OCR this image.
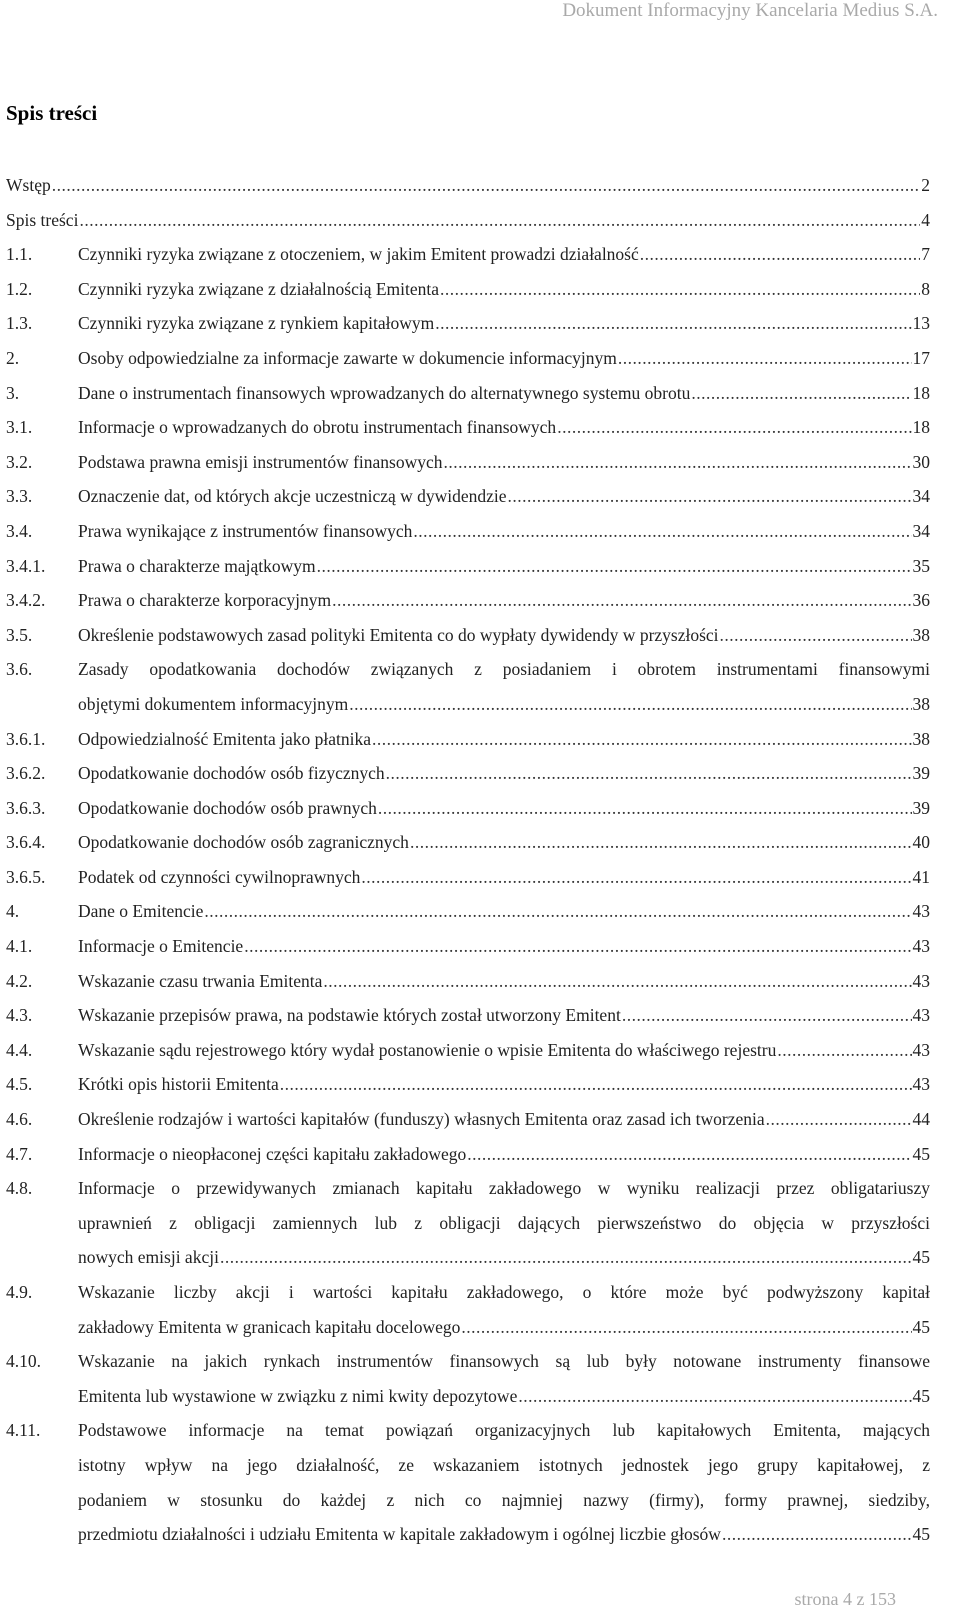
Dokument Informacyjny Kancelaria Medius S.A.
Spis treści
Wstęp .....	2
Spis treści .....	4
1.1.	Czynniki ryzyka związane z otoczeniem, w jakim Emitent prowadzi działalność .....	7
1.2.	Czynniki ryzyka związane z działalnością Emitenta .....	8
1.3.	Czynniki ryzyka związane z rynkiem kapitałowym .....	13
2.	Osoby odpowiedzialne za informacje zawarte w dokumencie informacyjnym .....	17
3.	Dane o instrumentach finansowych wprowadzanych do alternatywnego systemu obrotu .....	18
3.1.	Informacje o wprowadzanych do obrotu instrumentach finansowych .....	18
3.2.	Podstawa prawna emisji instrumentów finansowych .....	30
3.3.	Oznaczenie dat, od których akcje uczestniczą w dywidendzie .....	34
3.4.	Prawa wynikające z instrumentów finansowych .....	34
3.4.1.	Prawa o charakterze majątkowym .....	35
3.4.2.	Prawa o charakterze korporacyjnym .....	36
3.5.	Określenie podstawowych zasad polityki Emitenta co do wypłaty dywidendy w przyszłości .....	38
3.6.	Zasady opodatkowania dochodów związanych z posiadaniem i obrotem instrumentami finansowymi
objętymi dokumentem informacyjnym .....	38
3.6.1.	Odpowiedzialność Emitenta jako płatnika .....	38
3.6.2.	Opodatkowanie dochodów osób fizycznych .....	39
3.6.3.	Opodatkowanie dochodów osób prawnych .....	39
3.6.4.	Opodatkowanie dochodów osób zagranicznych .....	40
3.6.5.	Podatek od czynności cywilnoprawnych .....	41
4.	Dane o Emitencie .....	43
4.1.	Informacje o Emitencie .....	43
4.2.	Wskazanie czasu trwania Emitenta .....	43
4.3.	Wskazanie przepisów prawa, na podstawie których został utworzony Emitent .....	43
4.4.	Wskazanie sądu rejestrowego który wydał postanowienie o wpisie Emitenta do właściwego rejestru .....	43
4.5.	Krótki opis historii Emitenta .....	43
4.6.	Określenie rodzajów i wartości kapitałów (funduszy) własnych Emitenta oraz zasad ich tworzenia .....	44
4.7.	Informacje o nieopłaconej części kapitału zakładowego .....	45
4.8.	Informacje o przewidywanych zmianach kapitału zakładowego w wyniku realizacji przez obligatariuszy
uprawnień z obligacji zamiennych lub z obligacji dających pierwszeństwo do objęcia w przyszłości
nowych emisji akcji .....	45
4.9.	Wskazanie liczby akcji i wartości kapitału zakładowego, o które może być podwyższony kapitał
zakładowy Emitenta w granicach kapitału docelowego .....	45
4.10.	Wskazanie na jakich rynkach instrumentów finansowych są lub były notowane instrumenty finansowe
Emitenta lub wystawione w związku z nimi kwity depozytowe .....	45
4.11.	Podstawowe informacje na temat powiązań organizacyjnych lub kapitałowych Emitenta, mających
istotny wpływ na jego działalność, ze wskazaniem istotnych jednostek jego grupy kapitałowej, z
podaniem w stosunku do każdej z nich co najmniej nazwy (firmy), formy prawnej, siedziby,
przedmiotu działalności i udziału Emitenta w kapitale zakładowym i ogólnej liczbie głosów .....	45
strona 4 z 153
